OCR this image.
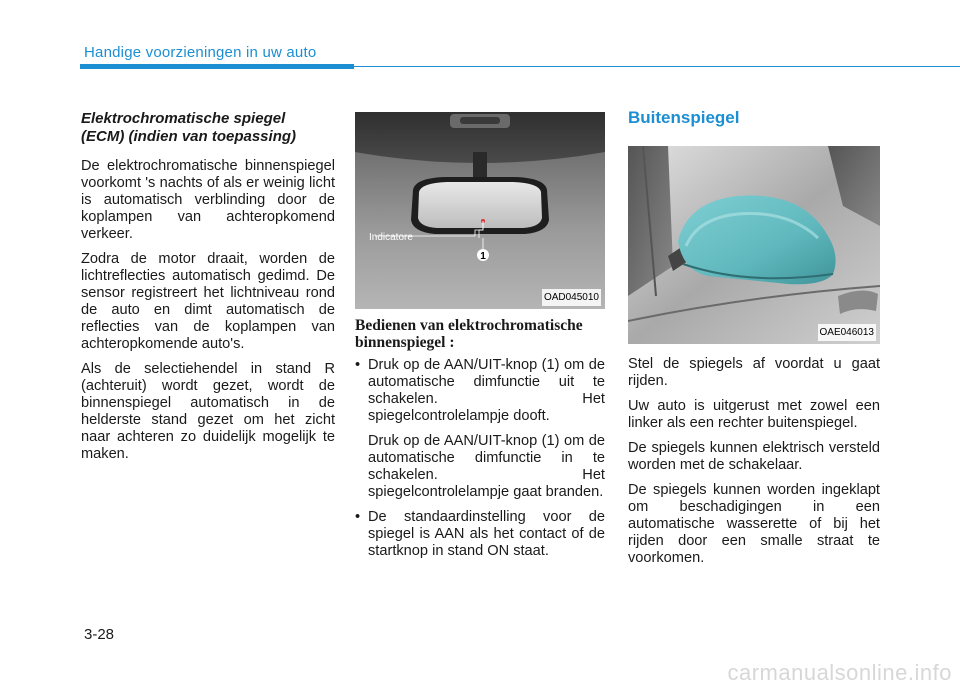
Handige voorzieningen in uw auto
Elektrochromatische spiegel
(ECM) (indien van toepassing)

De elektrochromatische binnenspiegel voorkomt 's nachts of als er weinig licht is automatisch verblinding door de koplampen van achteropkomend verkeer.

Zodra de motor draait, worden de lichtreflecties automatisch gedimd. De sensor registreert het lichtniveau rond de auto en dimt automatisch de reflecties van de koplampen van achteropkomende auto's.

Als de selectiehendel in stand R (achteruit) wordt gezet, wordt de binnenspiegel automatisch in de helderste stand gezet om het zicht naar achteren zo duidelijk mogelijk te maken.

Indicatore
1
OAD045010
Bedienen van elektrochromatische
binnenspiegel :

• Druk op de AAN/UIT-knop (1) om de automatische dimfunctie uit te schakelen. Het spiegelcontrolelampje dooft.

Druk op de AAN/UIT-knop (1) om de automatische dimfunctie in te schakelen. Het spiegelcontrolelampje gaat branden.

• De standaardinstelling voor de spiegel is AAN als het contact of de startknop in stand ON staat.

Buitenspiegel
OAE046013

Stel de spiegels af voordat u gaat rijden.

Uw auto is uitgerust met zowel een linker als een rechter buitenspiegel.

De spiegels kunnen elektrisch versteld worden met de schakelaar.

De spiegels kunnen worden ingeklapt om beschadigingen in een automatische wasserette of bij het rijden door een smalle straat te voorkomen.

3-28
carmanualsonline.info
